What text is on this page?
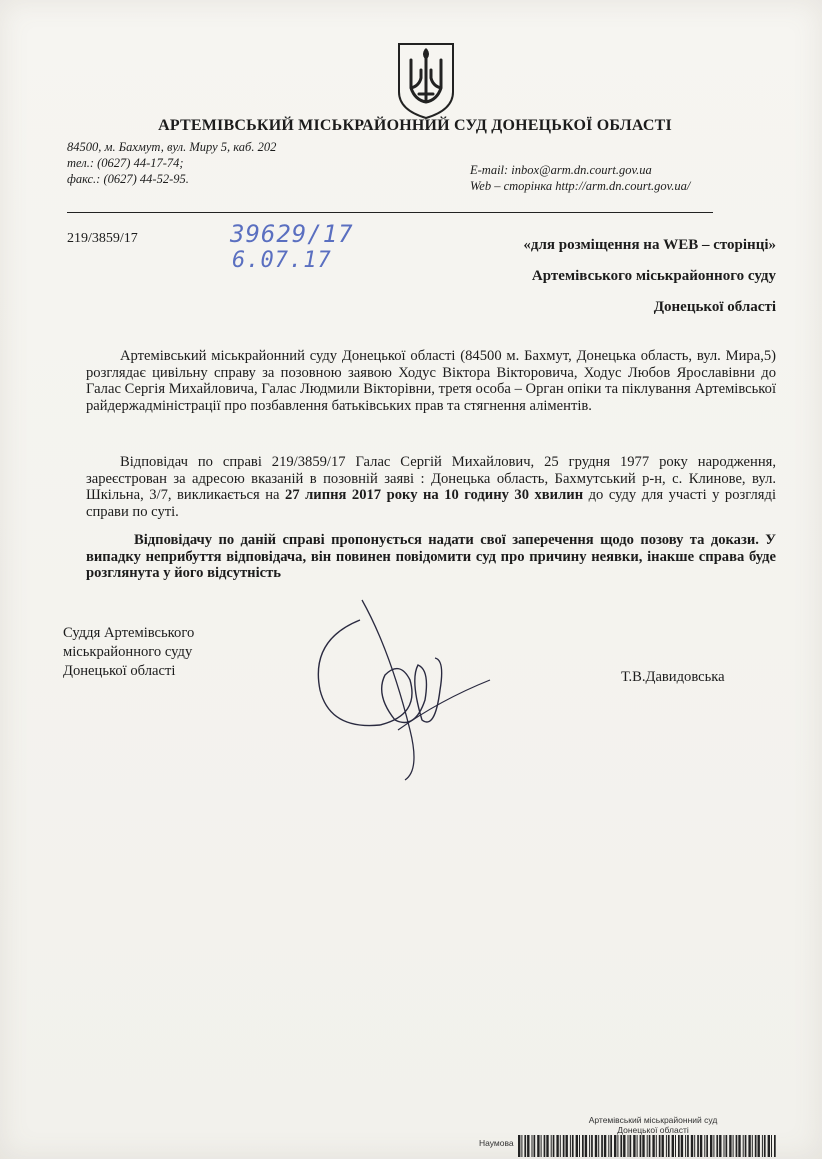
АРТЕМІВСЬКИЙ МІСЬКРАЙОННИЙ СУД ДОНЕЦЬКОЇ ОБЛАСТІ
84500, м. Бахмут, вул. Миру 5, каб. 202
тел.: (0627) 44-17-74;
факс.: (0627) 44-52-95.
E-mail: inbox@arm.dn.court.gov.ua
Web – сторінка http://arm.dn.court.gov.ua/
219/3859/17	39629/17
6.07.17
«для розміщення на WEB – сторінці»
Артемівського міськрайонного суду
Донецької області

Артемівський міськрайонний суду Донецької області (84500 м. Бахмут, Донецька область, вул. Мира,5) розглядає цивільну справу за позовною заявою Ходус Віктора Вікторовича, Ходус Любов Ярославівни до Галас Сергія Михайловича, Галас Людмили Вікторівни, третя особа – Орган опіки та піклування Артемівської райдержадміністрації про позбавлення батьківських прав та стягнення аліментів.

Відповідач по справі 219/3859/17 Галас Сергій Михайлович, 25 грудня 1977 року народження, зареєстрован за адресою вказаній в позовній заяві : Донецька область, Бахмутський р-н, с. Клинове, вул. Шкільна, 3/7, викликається на 27 липня 2017 року на 10 годину 30 хвилин до суду для участі у розгляді справи по суті.

Відповідачу по даній справі пропонується надати свої заперечення щодо позову та докази. У випадку неприбуття відповідача, він повинен повідомити суд про причину неявки, інакше справа буде розглянута у його відсутність

Суддя Артемівського
міськрайонного суду
Донецької області	Т.В.Давидовська
Артемівський міськрайонний суд
Донецької області
Наумова
